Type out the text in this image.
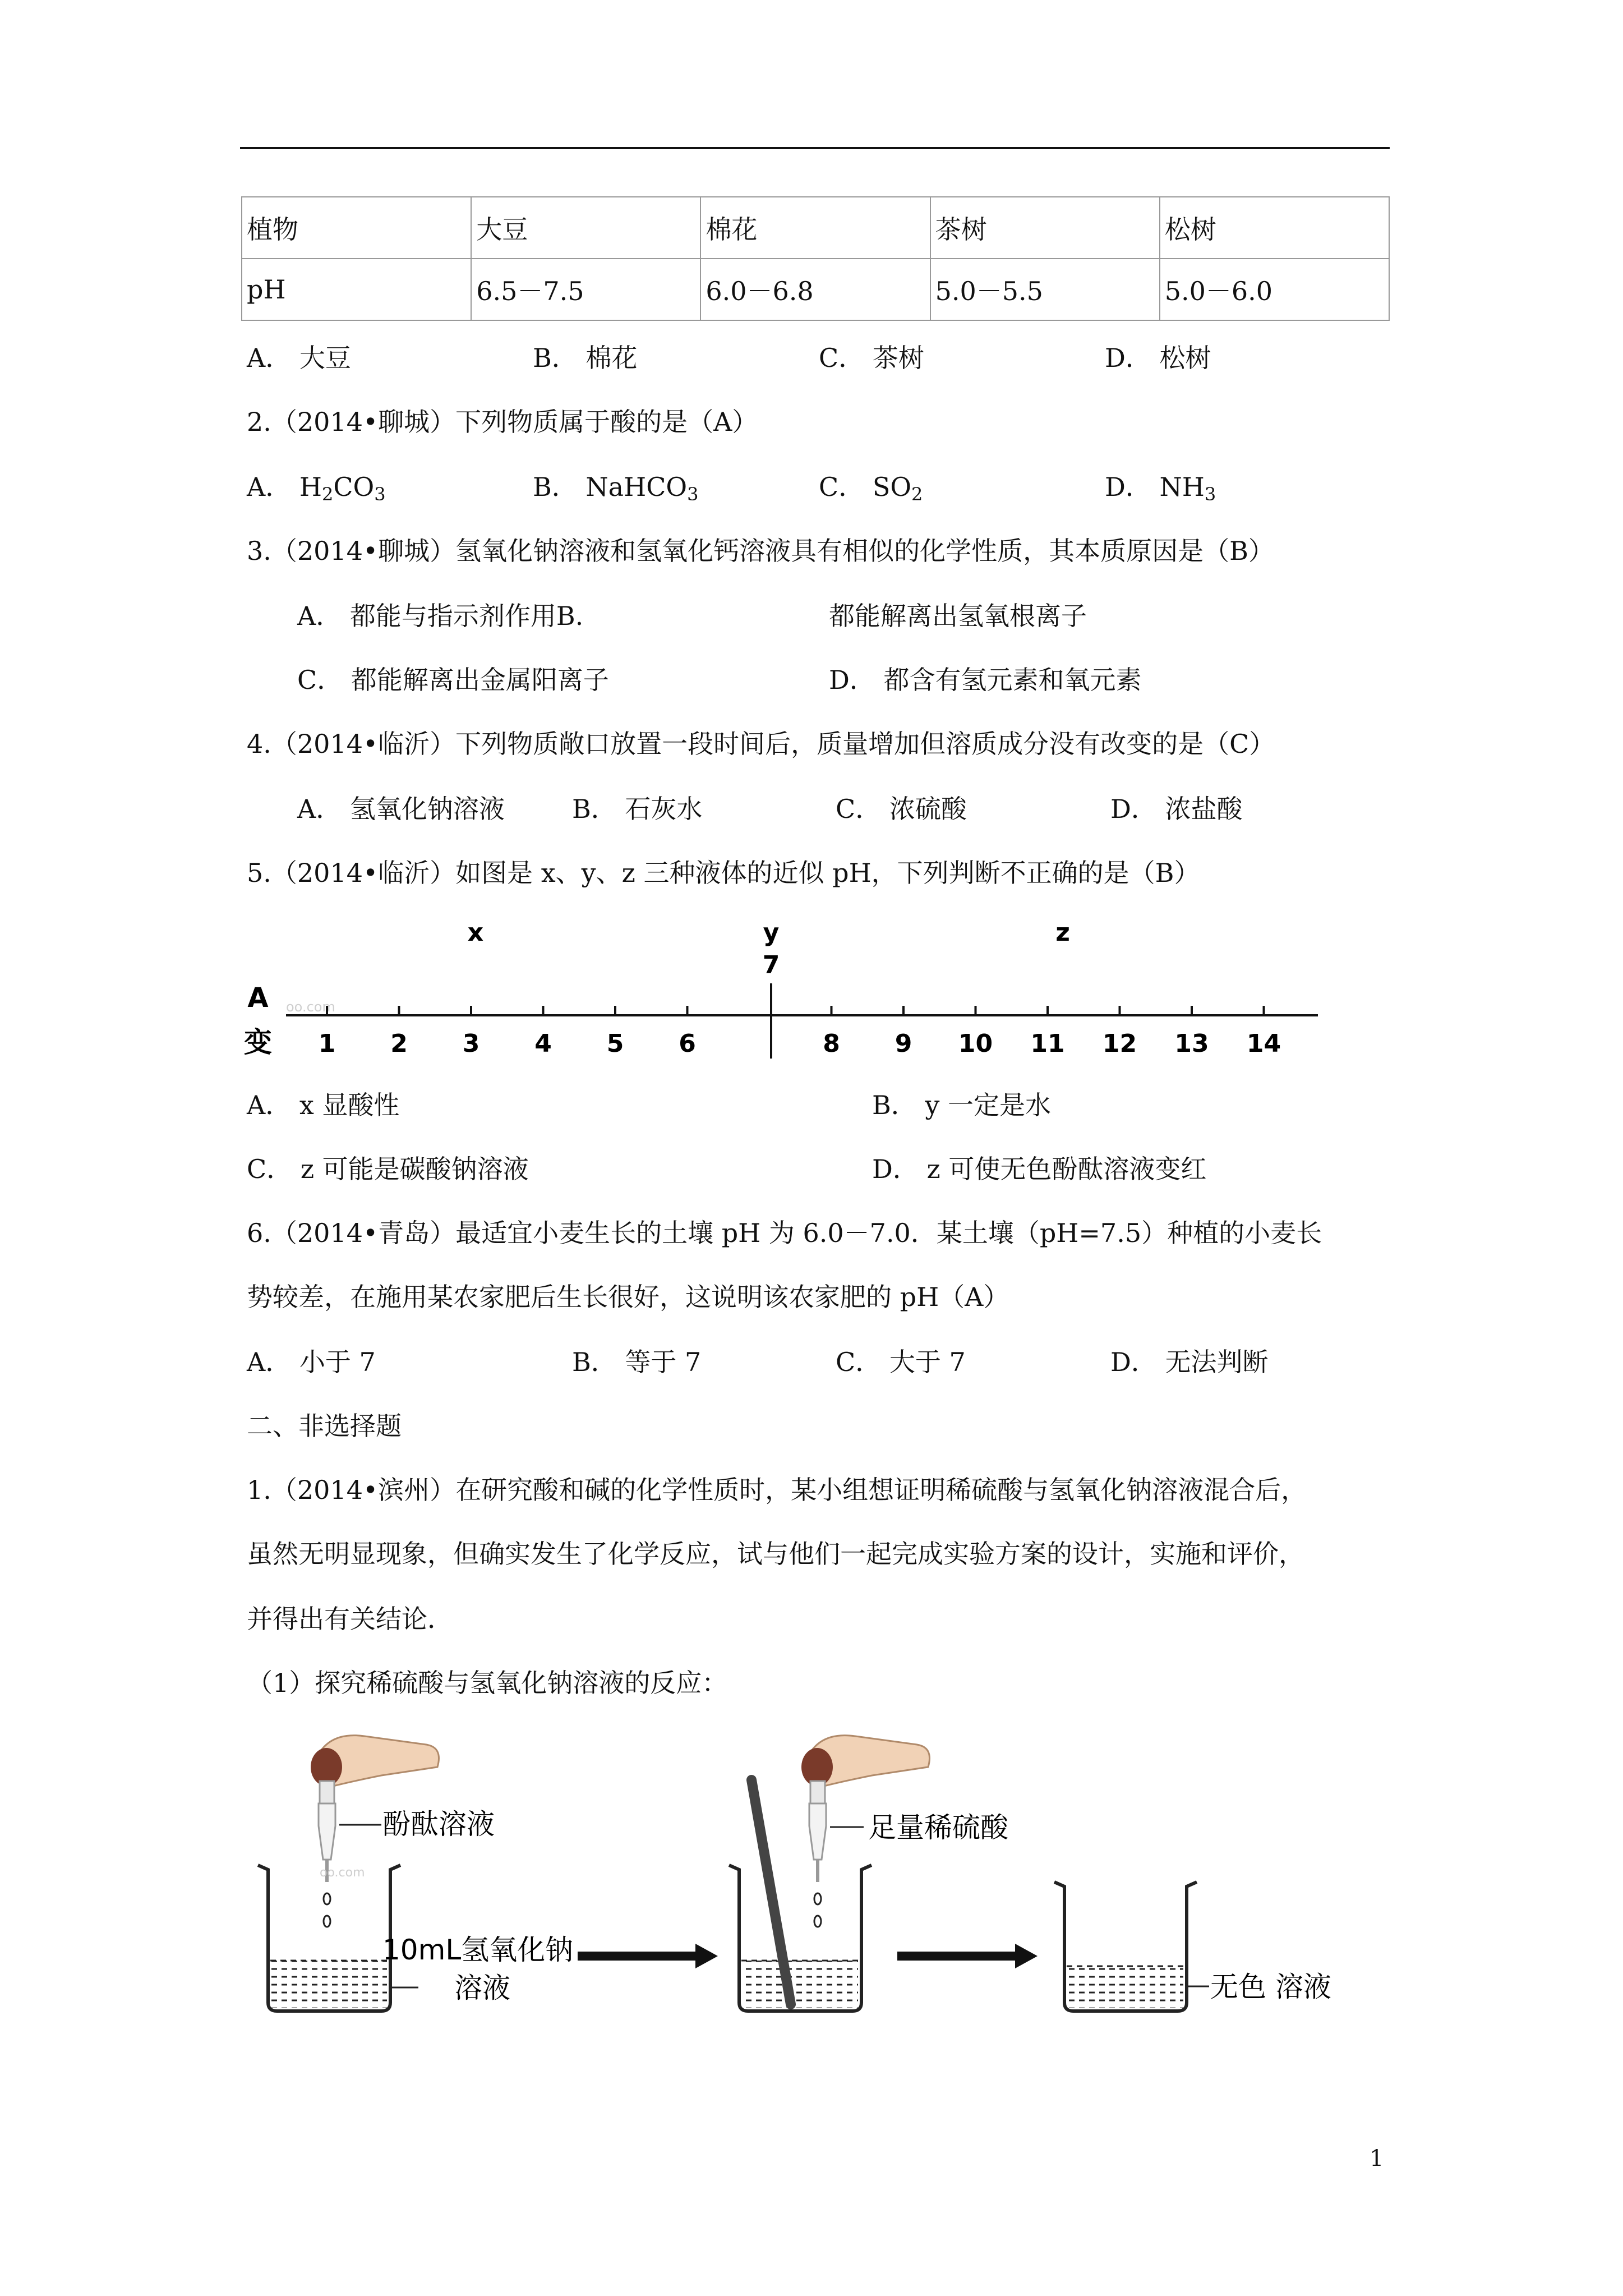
植物	大豆	棉花	茶树	松树
pH	6.5－7.5	6.0－6.8	5.0－5.5	5.0－6.0
A． 大豆	B． 棉花	C． 茶树	D． 松树
2.（2014•聊城）下列物质属于酸的是（A）
A． $H_2CO_3$	B． NaHCO$_3$	C． $SO_2$	D． $NH_3$
3.（2014•聊城）氢氧化钠溶液和氢氧化钙溶液具有相似的化学性质，其本质原因是（B）
A． 都能与指示剂作用B.	都能解离出氢氧根离子
C． 都能解离出金属阳离子	D． 都含有氢元素和氧元素
4.（2014•临沂）下列物质敞口放置一段时间后，质量增加但溶质成分没有改变的是（C）
A． 氢氧化钠溶液	B． 石灰水	C． 浓硫酸	D． 浓盐酸
5.（2014•临沂）如图是 x、y、z 三种液体的近似 pH，下列判断不正确的是（B）
x	y
7
z
A
变
oo.com
1 2 3 4 5 6	8 9 10 11 12 13 14
A． x 显酸性	B． y 一定是水
C． z 可能是碳酸钠溶液	D． z 可使无色酚酞溶液变红
6.（2014•青岛）最适宜小麦生长的土壤 pH 为 6.0－7.0．某土壤（pH=7.5）种植的小麦长
势较差，在施用某农家肥后生长很好，这说明该农家肥的 pH（A）
A． 小于 7	B． 等于 7	C． 大于 7	D． 无法判断
二、非选择题
1.（2014•滨州）在研究酸和碱的化学性质时，某小组想证明稀硫酸与氢氧化钠溶液混合后，
虽然无明显现象，但确实发生了化学反应，试与他们一起完成实验方案的设计，实施和评价，
并得出有关结论．
（1）探究稀硫酸与氢氧化钠溶液的反应：
酚酞溶液
oo.com
10mL氢氧化钠
溶液
足量稀硫酸
无色 溶液
1
